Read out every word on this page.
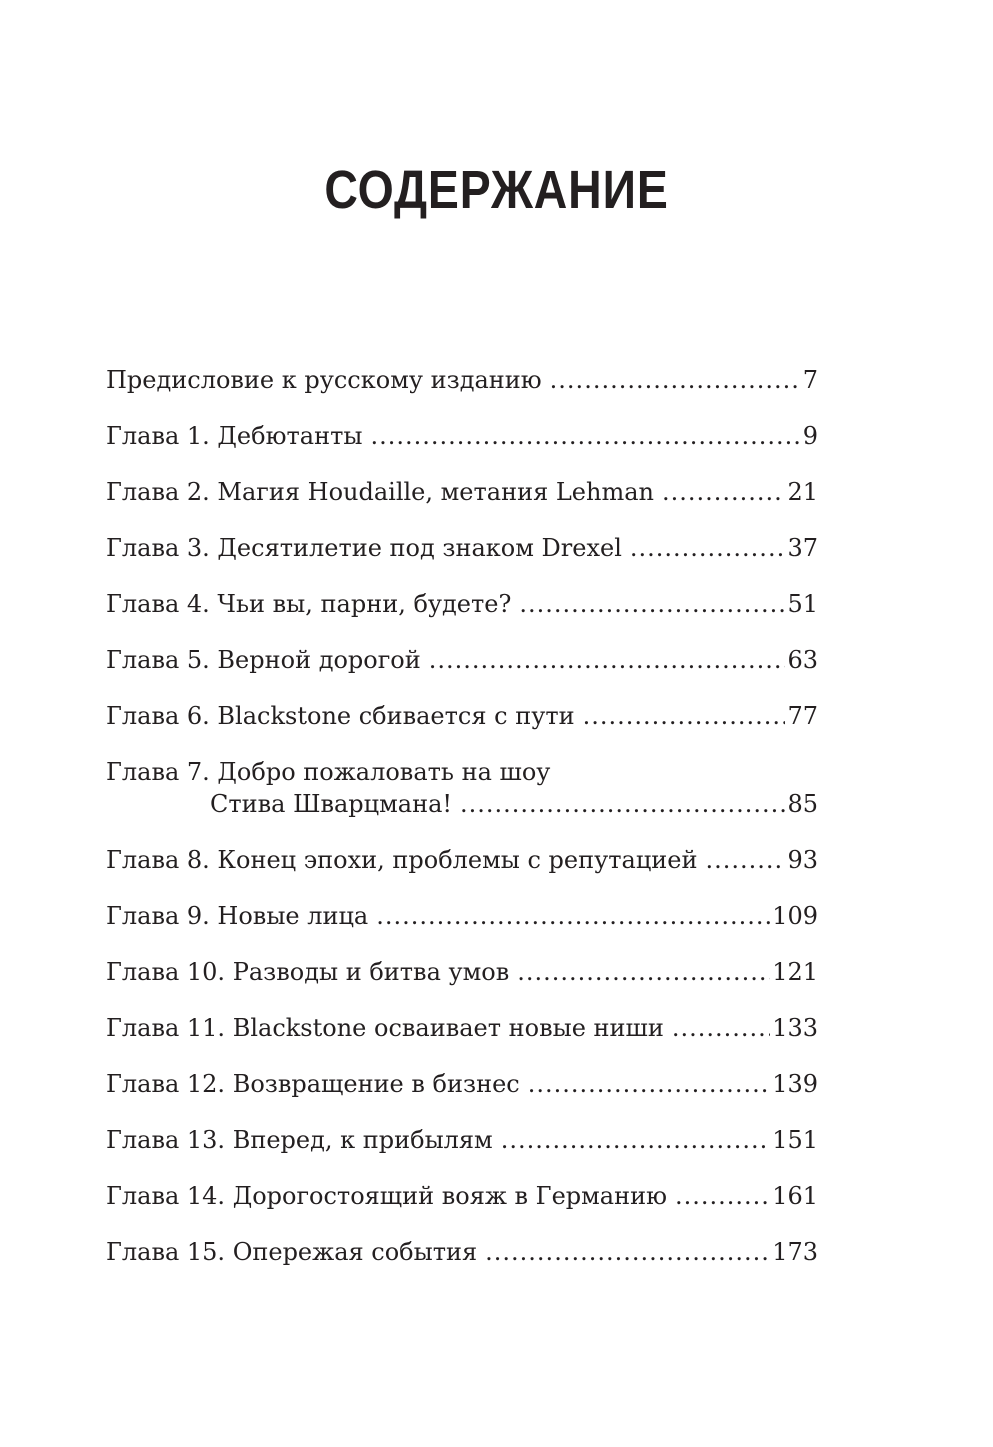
СОДЕРЖАНИЕ
Предисловие к русскому изданию .....	7
Глава 1. Дебютанты .....	9
Глава 2. Магия Houdaille, метания Lehman .....	21
Глава 3. Десятилетие под знаком Drexel .....	37
Глава 4. Чьи вы, парни, будете? .....	51
Глава 5. Верной дорогой .....	63
Глава 6. Blackstone сбивается с пути .....	77
Глава 7. Добро пожаловать на шоу
Стива Шварцмана! .....	85
Глава 8. Конец эпохи, проблемы с репутацией .....	93
Глава 9. Новые лица .....	109
Глава 10. Разводы и битва умов .....	121
Глава 11. Blackstone осваивает новые ниши .....	133
Глава 12. Возвращение в бизнес .....	139
Глава 13. Вперед, к прибылям .....	151
Глава 14. Дорогостоящий вояж в Германию .....	161
Глава 15. Опережая события .....	173
